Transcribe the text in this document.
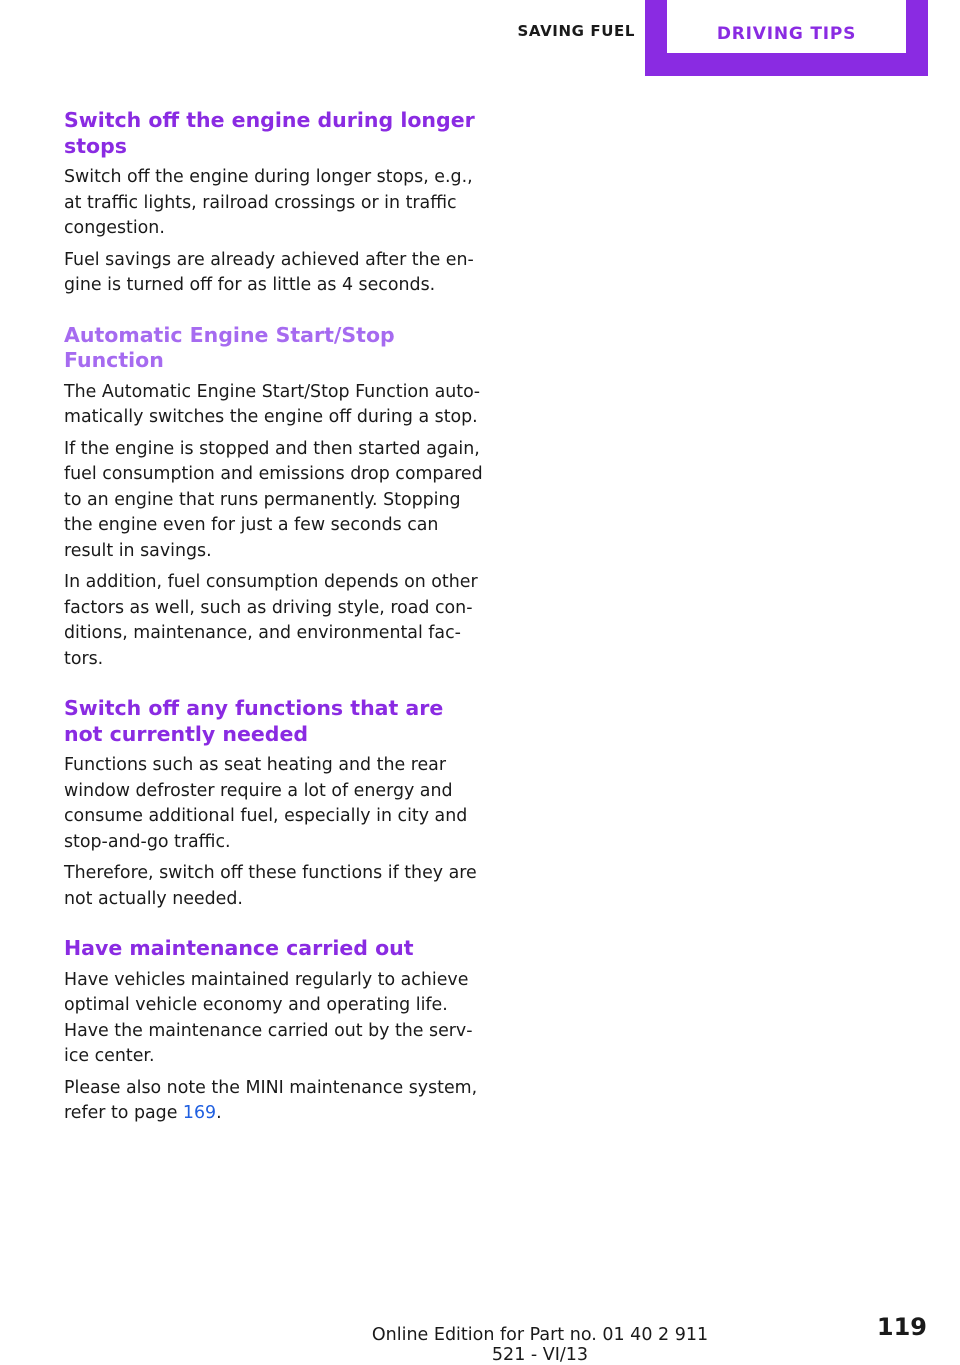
SAVING FUEL	DRIVING TIPS
Switch off the engine during longer stops

Switch off the engine during longer stops, e.g., at traffic lights, railroad crossings or in traffic congestion.

Fuel savings are already achieved after the engine is turned off for as little as 4 seconds.

Automatic Engine Start/Stop Function

The Automatic Engine Start/Stop Function automatically switches the engine off during a stop.

If the engine is stopped and then started again, fuel consumption and emissions drop compared to an engine that runs permanently. Stopping the engine even for just a few seconds can result in savings.

In addition, fuel consumption depends on other factors as well, such as driving style, road conditions, maintenance, and environmental factors.

Switch off any functions that are not currently needed

Functions such as seat heating and the rear window defroster require a lot of energy and consume additional fuel, especially in city and stop-and-go traffic.

Therefore, switch off these functions if they are not actually needed.

Have maintenance carried out

Have vehicles maintained regularly to achieve optimal vehicle economy and operating life. Have the maintenance carried out by the service center.

Please also note the MINI maintenance system, refer to page 169.

119
Online Edition for Part no. 01 40 2 911 521 - VI/13
